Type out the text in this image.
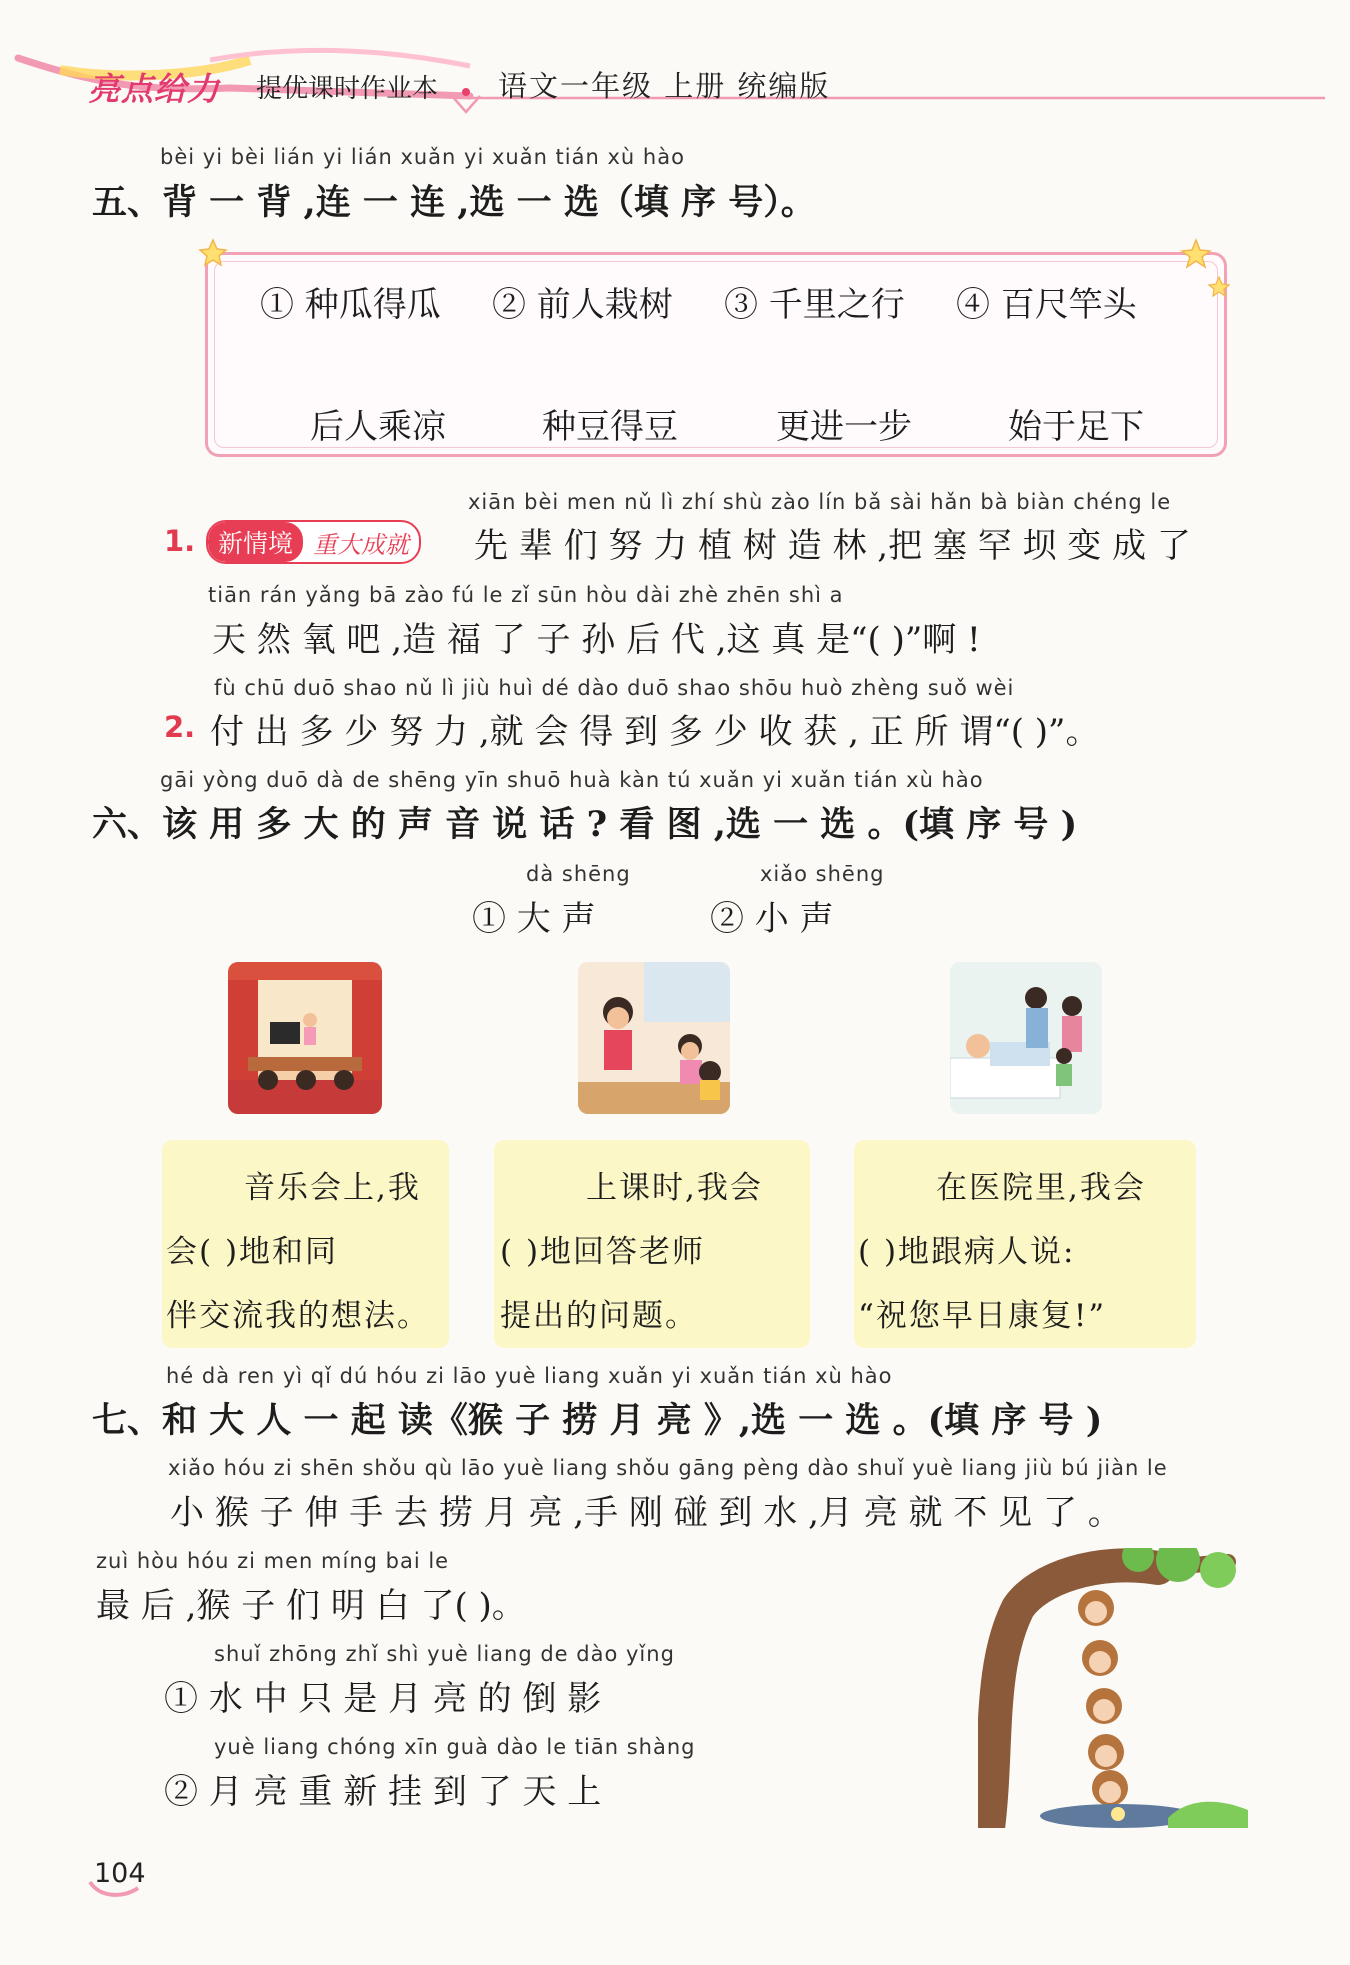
亮点给力 提优课时作业本 语文一年级 上册 统编版
bèi yi bèi lián yi lián xuǎn yi xuǎn tián xù hào
五、背 一 背 ,连 一 连 ,选 一 选（填 序 号）。
① 种瓜得瓜 ② 前人栽树 ③ 千里之行 ④ 百尺竿头
后人乘凉	种豆得豆	更进一步	始于足下
xiān bèi men nǔ lì zhí shù zào lín bǎ sài hǎn bà biàn chéng le
1. 新情境 重大成就 先 辈 们 努 力 植 树 造 林 ,把 塞 罕 坝 变 成 了
tiān rán yǎng bā zào fú le zǐ sūn hòu dài zhè zhēn shì a
天 然 氧 吧 ,造 福 了 子 孙 后 代 ,这 真 是“( )”啊 !
fù chū duō shao nǔ lì jiù huì dé dào duō shao shōu huò zhèng suǒ wèi
2. 付 出 多 少 努 力 ,就 会 得 到 多 少 收 获 , 正 所 谓“( )”。
gāi yòng duō dà de shēng yīn shuō huà kàn tú xuǎn yi xuǎn tián xù hào
六、该 用 多 大 的 声 音 说 话 ? 看 图 ,选 一 选 。(填 序 号 )
dà shēng	xiǎo shēng
① 大 声	② 小 声
音乐会上,我
会( )地和同
伴交流我的想法。
上课时,我会
( )地回答老师
提出的问题。
在医院里,我会
( )地跟病人说:
“祝您早日康复!”
hé dà ren yì qǐ dú hóu zi lāo yuè liang xuǎn yi xuǎn tián xù hào
七、和 大 人 一 起 读《猴 子 捞 月 亮 》,选 一 选 。(填 序 号 )
xiǎo hóu zi shēn shǒu qù lāo yuè liang shǒu gāng pèng dào shuǐ yuè liang jiù bú jiàn le
小 猴 子 伸 手 去 捞 月 亮 ,手 刚 碰 到 水 ,月 亮 就 不 见 了 。
zuì hòu hóu zi men míng bai le
最 后 ,猴 子 们 明 白 了( )。
shuǐ zhōng zhǐ shì yuè liang de dào yǐng
① 水 中 只 是 月 亮 的 倒 影
yuè liang chóng xīn guà dào le tiān shàng
② 月 亮 重 新 挂 到 了 天 上
104
